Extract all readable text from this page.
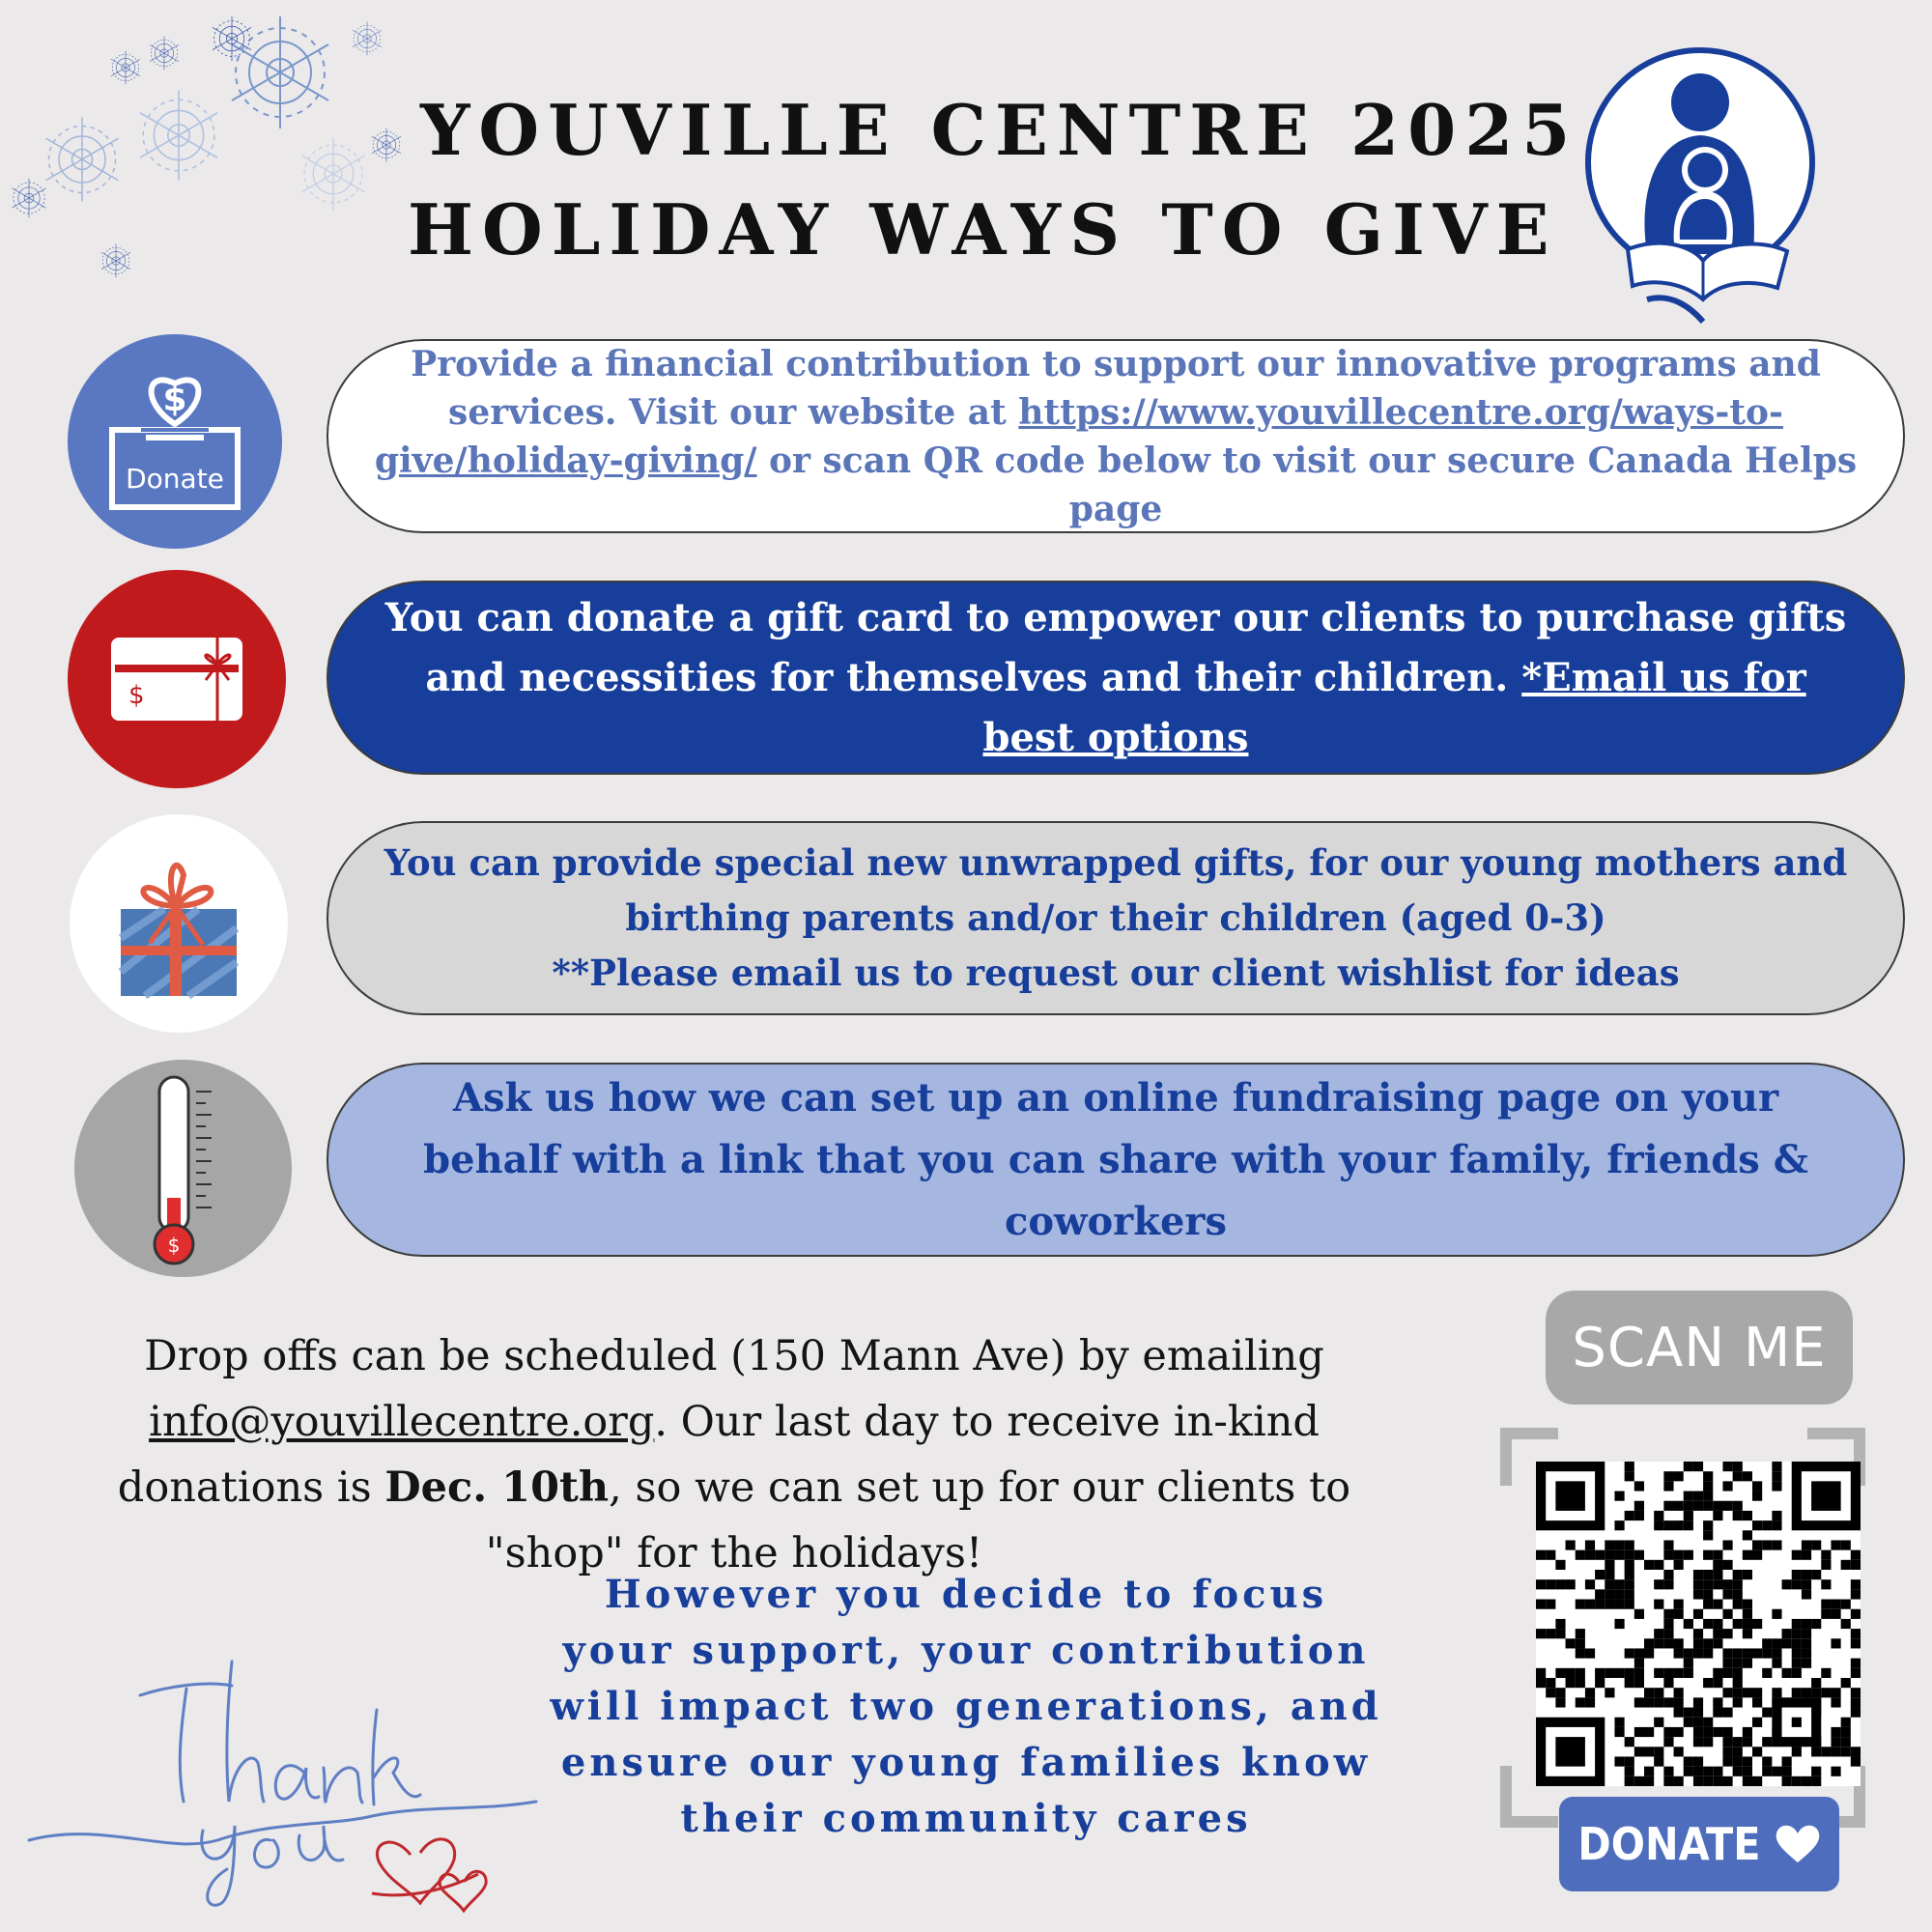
YOUVILLE CENTRE 2025
HOLIDAY WAYS TO GIVE
$
Donate
$
$
Provide a financial contribution to support our innovative programs and services. Visit our website at https://www.youvillecentre.org/ways-to-give/holiday-giving/ or scan QR code below to visit our secure Canada Helps page
You can donate a gift card to empower our clients to purchase gifts and necessities for themselves and their children. *Email us for best options
You can provide special new unwrapped gifts, for our young mothers and birthing parents and/or their children (aged 0-3)
**Please email us to request our client wishlist for ideas
Ask us how we can set up an online fundraising page on your behalf with a link that you can share with your family, friends & coworkers
Drop offs can be scheduled (150 Mann Ave) by emailing info@youvillecentre.org. Our last day to receive in-kind donations is Dec. 10th, so we can set up for our clients to "shop" for the holidays!
However you decide to focus your support, your contribution will impact two generations, and ensure our young families know their community cares
SCAN ME
DONATE
